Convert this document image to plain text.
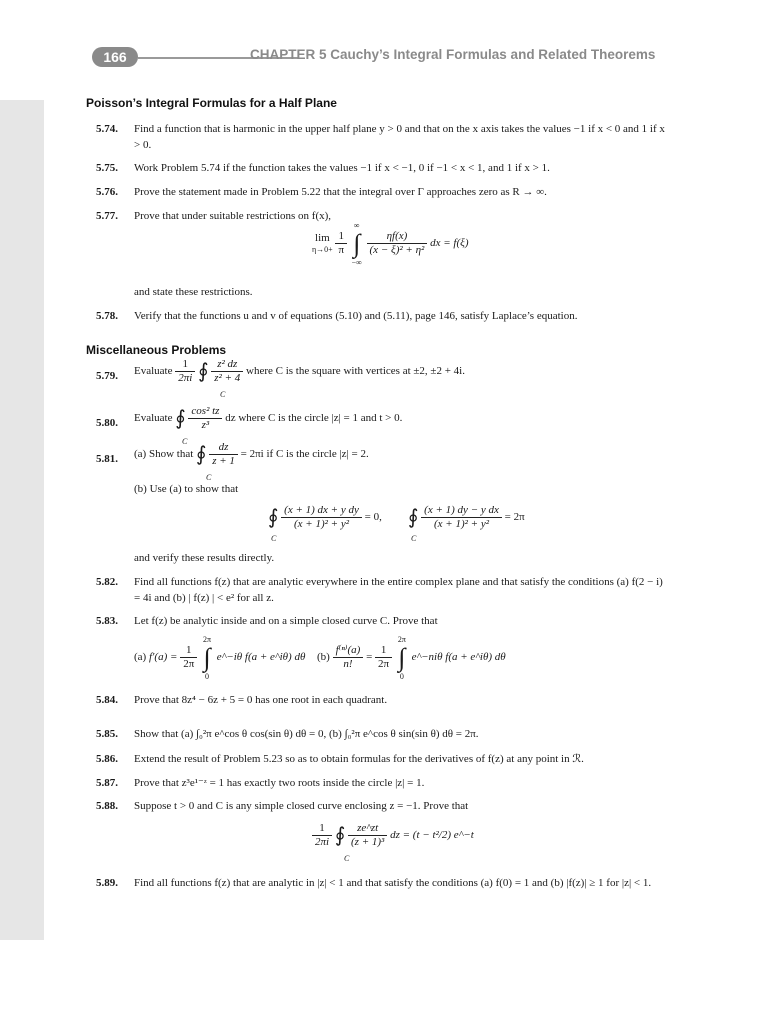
166	CHAPTER 5 Cauchy’s Integral Formulas and Related Theorems
Poisson’s Integral Formulas for a Half Plane
5.74. Find a function that is harmonic in the upper half plane y > 0 and that on the x axis takes the values −1 if x < 0 and 1 if x > 0.
5.75. Work Problem 5.74 if the function takes the values −1 if x < −1, 0 if −1 < x < 1, and 1 if x > 1.
5.76. Prove the statement made in Problem 5.22 that the integral over Γ approaches zero as R → ∞.
5.77. Prove that under suitable restrictions on f(x),
lim
η→0+
$\frac{1}{\pi}$ ∫
∞
−∞

$\frac{\eta f(x)}{\text{(x − ξ)² + η²}}$ dx = f(ξ)
and state these restrictions.
5.78. Verify that the functions u and v of equations (5.10) and (5.11), page 146, satisfy Laplace’s equation.
Miscellaneous Problems
5.79. Evaluate $\frac{1}{2\pi i}$ ∮ $\frac{\text{z² dz}}{\text{z² + 4}}$ where C is the square with vertices at ±2, ±2 + 4i.
C
5.80. Evaluate ∮ $\frac{\text{cos² tz}}{\text{z³}}$ dz where C is the circle |z| = 1 and t > 0.
C
5.81. (a) Show that ∮ $\frac{dz}{z + 1} = 2\pi i$ if C is the circle |z| = 2.
C
(b) Use (a) to show that
∮ $\frac{\text{(x + 1) dx + y dy}}{\text{(x + 1)² + y²}} = 0$,
C
∮ $\frac{\text{(x + 1) dy − y dx}}{\text{(x + 1)² + y²}} = 2\pi$
C
and verify these results directly.
5.82. Find all functions f(z) that are analytic everywhere in the entire complex plane and that satisfy the conditions (a) f(2 − i) = 4i and (b) | f(z) | < e² for all z.
5.83. Let f(z) be analytic inside and on a simple closed curve C. Prove that
(a) $f'(a) = \frac{1}{2\pi}$ ∫
2π
0
e^−iθ f(a + e^iθ) dθ $(b) \frac{\text{f⁽ⁿ⁾(a)}}{n!} = \frac{1}{2\pi}$ ∫
2π
0
e^−niθ f(a + e^iθ) dθ
5.84. Prove that 8z⁴ − 6z + 5 = 0 has one root in each quadrant.
5.85. Show that (a) ∫₀²π e^cos θ cos(sin θ) dθ = 0, (b) ∫₀²π e^cos θ sin(sin θ) dθ = 2π.
5.86. Extend the result of Problem 5.23 so as to obtain formulas for the derivatives of f(z) at any point in ℛ.
5.87. Prove that z³e¹⁻ᶻ = 1 has exactly two roots inside the circle |z| = 1.
5.88. Suppose t > 0 and C is any simple closed curve enclosing z = −1. Prove that
$\frac{1}{2\pi i}$ ∮ $\frac{ze\^{}zt}{\text{(z + 1)³}}$ dz = (t − t²/2) e^−t
C
5.89. Find all functions f(z) that are analytic in |z| < 1 and that satisfy the conditions (a) f(0) = 1 and (b) |f(z)| ≥ 1 for |z| < 1.
